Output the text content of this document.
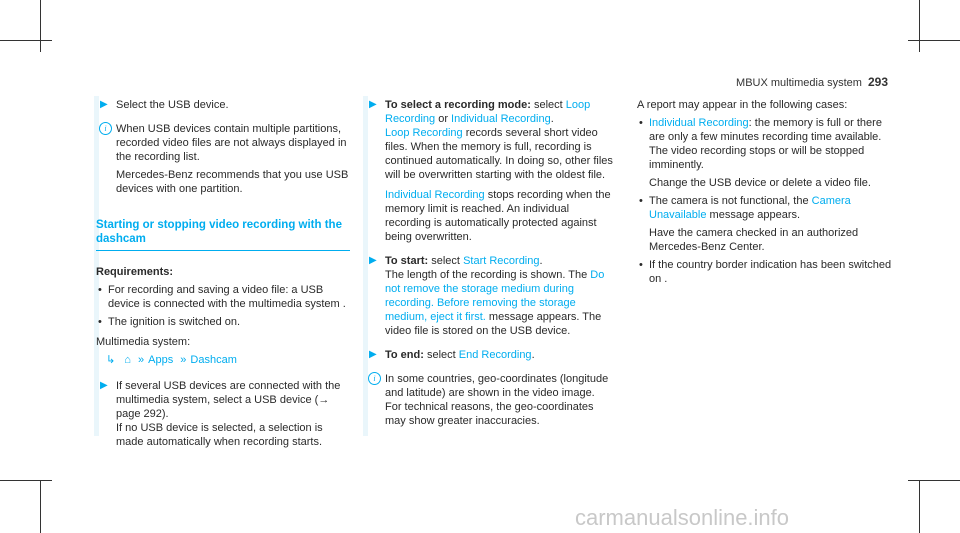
MBUX multimedia system 293
▶ Select the USB device.
i When USB devices contain multiple partitions, recorded video files are not always displayed in the recording list.
Mercedes-Benz recommends that you use USB devices with one partition.
Starting or stopping video recording with the dashcam
Requirements:
• For recording and saving a video file: a USB device is connected with the multimedia system .
• The ignition is switched on.
Multimedia system:
↳ ⌂ » Apps » Dashcam
▶ If several USB devices are connected with the multimedia system, select a USB device (→ page 292).
If no USB device is selected, a selection is made automatically when recording starts.
▶ To select a recording mode: select Loop Recording or Individual Recording.
Loop Recording records several short video files. When the memory is full, recording is continued automatically. In doing so, other files will be overwritten starting with the oldest file.
Individual Recording stops recording when the memory limit is reached. An individual recording is automatically protected against being overwritten.
▶ To start: select Start Recording.
The length of the recording is shown. The Do not remove the storage medium during recording. Before removing the storage medium, eject it first. message appears. The video file is stored on the USB device.
▶ To end: select End Recording.
i In some countries, geo-coordinates (longitude and latitude) are shown in the video image.
For technical reasons, the geo-coordinates may show greater inaccuracies.
A report may appear in the following cases:
• Individual Recording: the memory is full or there are only a few minutes recording time available. The video recording stops or will be stopped imminently.
Change the USB device or delete a video file.
• The camera is not functional, the Camera Unavailable message appears.
Have the camera checked in an authorized Mercedes-Benz Center.
• If the country border indication has been switched on .
carmanualsonline.info
